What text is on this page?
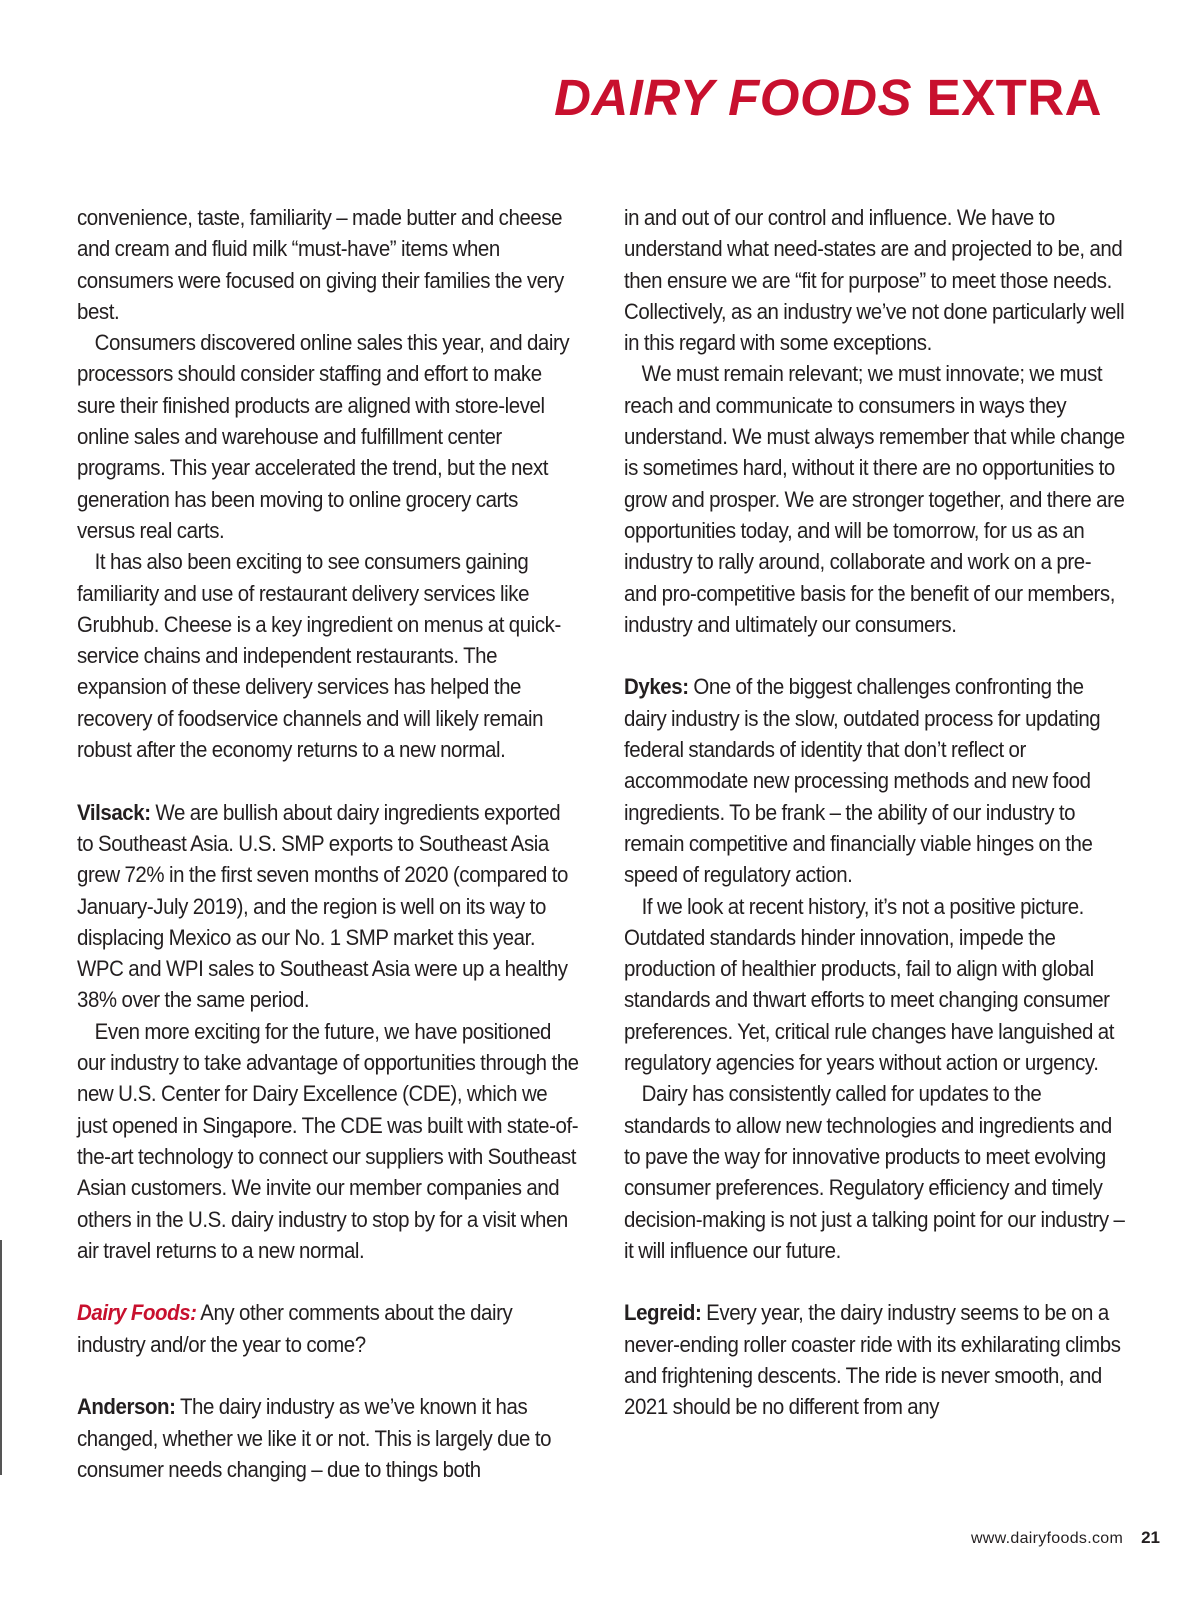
DAIRY FOODS EXTRA

convenience, taste, familiarity – made butter and cheese and cream and fluid milk “must-have” items when consumers were focused on giving their families the very best.

Consumers discovered online sales this year, and dairy processors should consider staffing and effort to make sure their finished products are aligned with store-level online sales and warehouse and fulfillment center programs. This year accelerated the trend, but the next generation has been moving to online grocery carts versus real carts.

It has also been exciting to see consumers gaining familiarity and use of restaurant delivery services like Grubhub. Cheese is a key ingredient on menus at quick-service chains and independent restaurants. The expansion of these delivery services has helped the recovery of foodservice channels and will likely remain robust after the economy returns to a new normal.

Vilsack: We are bullish about dairy ingredients exported to Southeast Asia. U.S. SMP exports to Southeast Asia grew 72% in the first seven months of 2020 (compared to January-July 2019), and the region is well on its way to displacing Mexico as our No. 1 SMP market this year. WPC and WPI sales to Southeast Asia were up a healthy 38% over the same period.

Even more exciting for the future, we have positioned our industry to take advantage of opportunities through the new U.S. Center for Dairy Excellence (CDE), which we just opened in Singapore. The CDE was built with state-of-the-art technology to connect our suppliers with Southeast Asian customers. We invite our member companies and others in the U.S. dairy industry to stop by for a visit when air travel returns to a new normal.

Dairy Foods: Any other comments about the dairy industry and/or the year to come?

Anderson: The dairy industry as we’ve known it has changed, whether we like it or not. This is largely due to consumer needs changing – due to things both

in and out of our control and influence. We have to understand what need-states are and projected to be, and then ensure we are “fit for purpose” to meet those needs. Collectively, as an industry we’ve not done particularly well in this regard with some exceptions.

We must remain relevant; we must innovate; we must reach and communicate to consumers in ways they understand. We must always remember that while change is sometimes hard, without it there are no opportunities to grow and prosper. We are stronger together, and there are opportunities today, and will be tomorrow, for us as an industry to rally around, collaborate and work on a pre- and pro-competitive basis for the benefit of our members, industry and ultimately our consumers.

Dykes: One of the biggest challenges confronting the dairy industry is the slow, outdated process for updating federal standards of identity that don’t reflect or accommodate new processing methods and new food ingredients. To be frank – the ability of our industry to remain competitive and financially viable hinges on the speed of regulatory action.

If we look at recent history, it’s not a positive picture. Outdated standards hinder innovation, impede the production of healthier products, fail to align with global standards and thwart efforts to meet changing consumer preferences. Yet, critical rule changes have languished at regulatory agencies for years without action or urgency.

Dairy has consistently called for updates to the standards to allow new technologies and ingredients and to pave the way for innovative products to meet evolving consumer preferences. Regulatory efficiency and timely decision-making is not just a talking point for our industry – it will influence our future.

Legreid: Every year, the dairy industry seems to be on a never-ending roller coaster ride with its exhilarating climbs and frightening descents. The ride is never smooth, and 2021 should be no different from any

www.dairyfoods.com 21
